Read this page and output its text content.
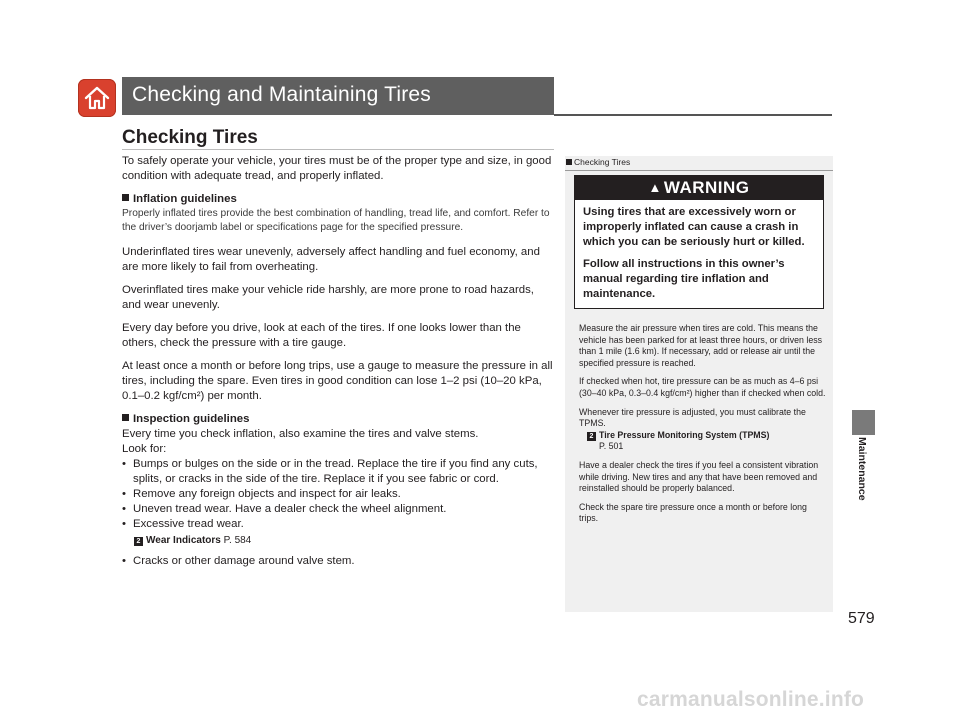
Checking and Maintaining Tires
Checking Tires

To safely operate your vehicle, your tires must be of the proper type and size, in good condition with adequate tread, and properly inflated.

Inflation guidelines

Properly inflated tires provide the best combination of handling, tread life, and comfort. Refer to the driver’s doorjamb label or specifications page for the specified pressure.

Underinflated tires wear unevenly, adversely affect handling and fuel economy, and are more likely to fail from overheating.

Overinflated tires make your vehicle ride harshly, are more prone to road hazards, and wear unevenly.

Every day before you drive, look at each of the tires. If one looks lower than the others, check the pressure with a tire gauge.

At least once a month or before long trips, use a gauge to measure the pressure in all tires, including the spare. Even tires in good condition can lose 1–2 psi (10–20 kPa, 0.1–0.2 kgf/cm²) per month.

Inspection guidelines

Every time you check inflation, also examine the tires and valve stems.

Look for:

• Bumps or bulges on the side or in the tread. Replace the tire if you find any cuts, splits, or cracks in the side of the tire. Replace it if you see fabric or cord.
• Remove any foreign objects and inspect for air leaks.
• Uneven tread wear. Have a dealer check the wheel alignment.
• Excessive tread wear.
2 Wear Indicators P. 584
• Cracks or other damage around valve stem.
Checking Tires
▲ WARNING

Using tires that are excessively worn or improperly inflated can cause a crash in which you can be seriously hurt or killed.

Follow all instructions in this owner’s manual regarding tire inflation and maintenance.

Measure the air pressure when tires are cold. This means the vehicle has been parked for at least three hours, or driven less than 1 mile (1.6 km). If necessary, add or release air until the specified pressure is reached.

If checked when hot, tire pressure can be as much as 4–6 psi (30–40 kPa, 0.3–0.4 kgf/cm²) higher than if checked when cold.

Whenever tire pressure is adjusted, you must calibrate the TPMS.
2 Tire Pressure Monitoring System (TPMS)
P. 501

Have a dealer check the tires if you feel a consistent vibration while driving. New tires and any that have been removed and reinstalled should be properly balanced.

Check the spare tire pressure once a month or before long trips.

Maintenance
579
carmanualsonline.info
